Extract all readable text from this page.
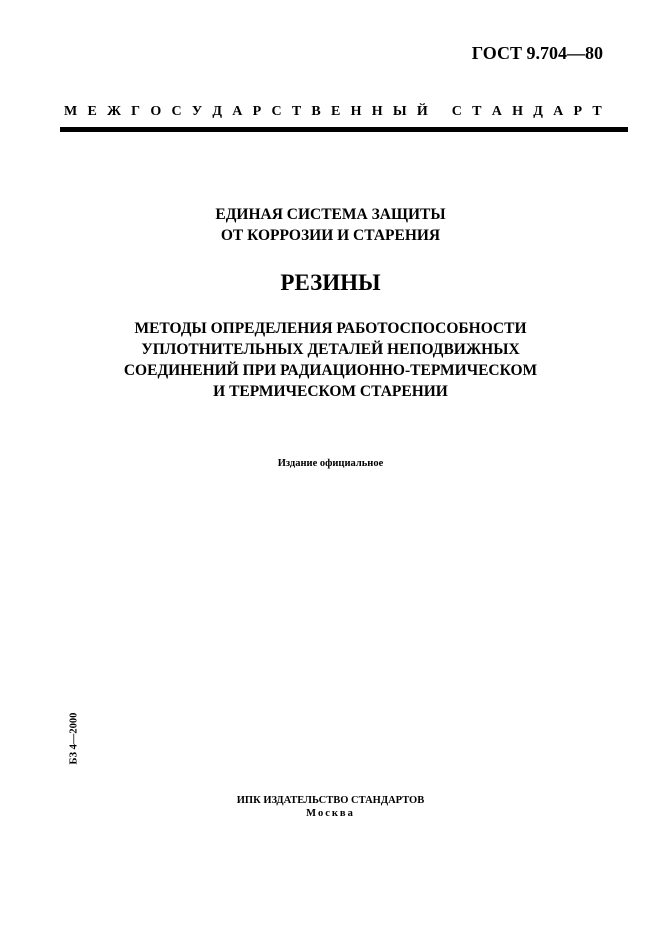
ГОСТ 9.704—80
М Е Ж Г О С У Д А Р С Т В Е Н Н Ы Й
С Т А Н Д А Р Т
ЕДИНАЯ СИСТЕМА ЗАЩИТЫ
ОТ КОРРОЗИИ И СТАРЕНИЯ
РЕЗИНЫ
МЕТОДЫ ОПРЕДЕЛЕНИЯ РАБОТОСПОСОБНОСТИ
УПЛОТНИТЕЛЬНЫХ ДЕТАЛЕЙ НЕПОДВИЖНЫХ
СОЕДИНЕНИЙ ПРИ РАДИАЦИОННО-ТЕРМИЧЕСКОМ
И ТЕРМИЧЕСКОМ СТАРЕНИИ
Издание официальное
БЗ 4—2000
ИПК ИЗДАТЕЛЬСТВО СТАНДАРТОВ
Москва
